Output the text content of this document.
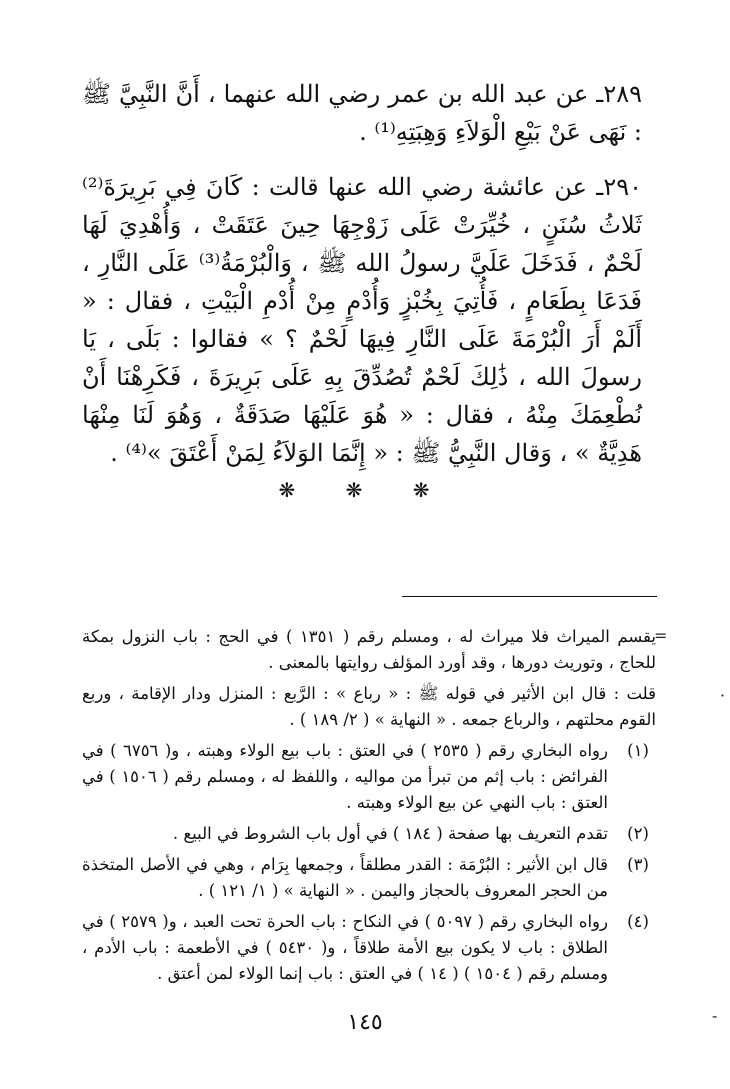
٢٨٩ـ عن عبد الله بن عمر رضي الله عنهما ، أَنَّ النَّبِيَّ ﷺ : نَهَى عَنْ بَيْعِ الْوَلاَءِ وَهِبَتِهِ⁽¹⁾ .

٢٩٠ـ عن عائشة رضي الله عنها قالت : كَانَ فِي بَرِيرَةَ⁽²⁾ ثَلاثُ سُنَنٍ ، خُيِّرَتْ عَلَى زَوْجِهَا حِينَ عَتَقَتْ ، وَأُهْدِيَ لَهَا لَحْمٌ ، فَدَخَلَ عَلَيَّ رسولُ الله ﷺ ، وَالْبُرْمَةُ⁽³⁾ عَلَى النَّارِ ، فَدَعَا بِطَعَامٍ ، فَأُتِيَ بِخُبْزٍ وَأُدْمٍ مِنْ أُدْمِ الْبَيْتِ ، فقال : « أَلَمْ أَرَ الْبُرْمَةَ عَلَى النَّارِ فِيهَا لَحْمٌ ؟ » فقالوا : بَلَى ، يَا رسولَ الله ، ذَٰلِكَ لَحْمٌ تُصُدِّقَ بِهِ عَلَى بَرِيرَةَ ، فَكَرِهْنَا أَنْ نُطْعِمَكَ مِنْهُ ، فقال : « هُوَ عَلَيْهَا صَدَقَةٌ ، وَهُوَ لَنَا مِنْهَا هَدِيَّةٌ » ، وَقال النَّبِيُّ ﷺ : « إِنَّمَا الوَلاَءُ لِمَنْ أَعْتَقَ »⁽⁴⁾ .

❋ ❋ ❋
يقسم الميراث فلا ميراث له ، ومسلم رقم ( ١٣٥١ ) في الحج : باب النزول بمكة للحاج ، وتوريث دورها ، وقد أورد المؤلف روايتها بالمعنى .
قلت : قال ابن الأثير في قوله ﷺ : « رباع » : الرَّبع : المنزل ودار الإقامة ، وربع القوم محلتهم ، والرباع جمعه . « النهاية » ( ٢/ ١٨٩ ) .
(١)
رواه البخاري رقم ( ٢٥٣٥ ) في العتق : باب بيع الولاء وهبته ، و( ٦٧٥٦ ) في الفرائض : باب إثم من تبرأ من مواليه ، واللفظ له ، ومسلم رقم ( ١٥٠٦ ) في العتق : باب النهي عن بيع الولاء وهبته .
(٢)
تقدم التعريف بها صفحة ( ١٨٤ ) في أول باب الشروط في البيع .
(٣)
قال ابن الأثير : البُرْمَة : القدر مطلقاً ، وجمعها بِرَام ، وهي في الأصل المتخذة من الحجر المعروف بالحجاز واليمن . « النهاية » ( ١/ ١٢١ ) .
(٤)
رواه البخاري رقم ( ٥٠٩٧ ) في النكاح : باب الحرة تحت العبد ، و( ٢٥٧٩ ) في الطلاق : باب لا يكون بيع الأمة طلاقاً ، و( ٥٤٣٠ ) في الأطعمة : باب الأدم ، ومسلم رقم ( ١٥٠٤ ) ( ١٤ ) في العتق : باب إنما الولاء لمن أعتق .
=
·
-
١٤٥
